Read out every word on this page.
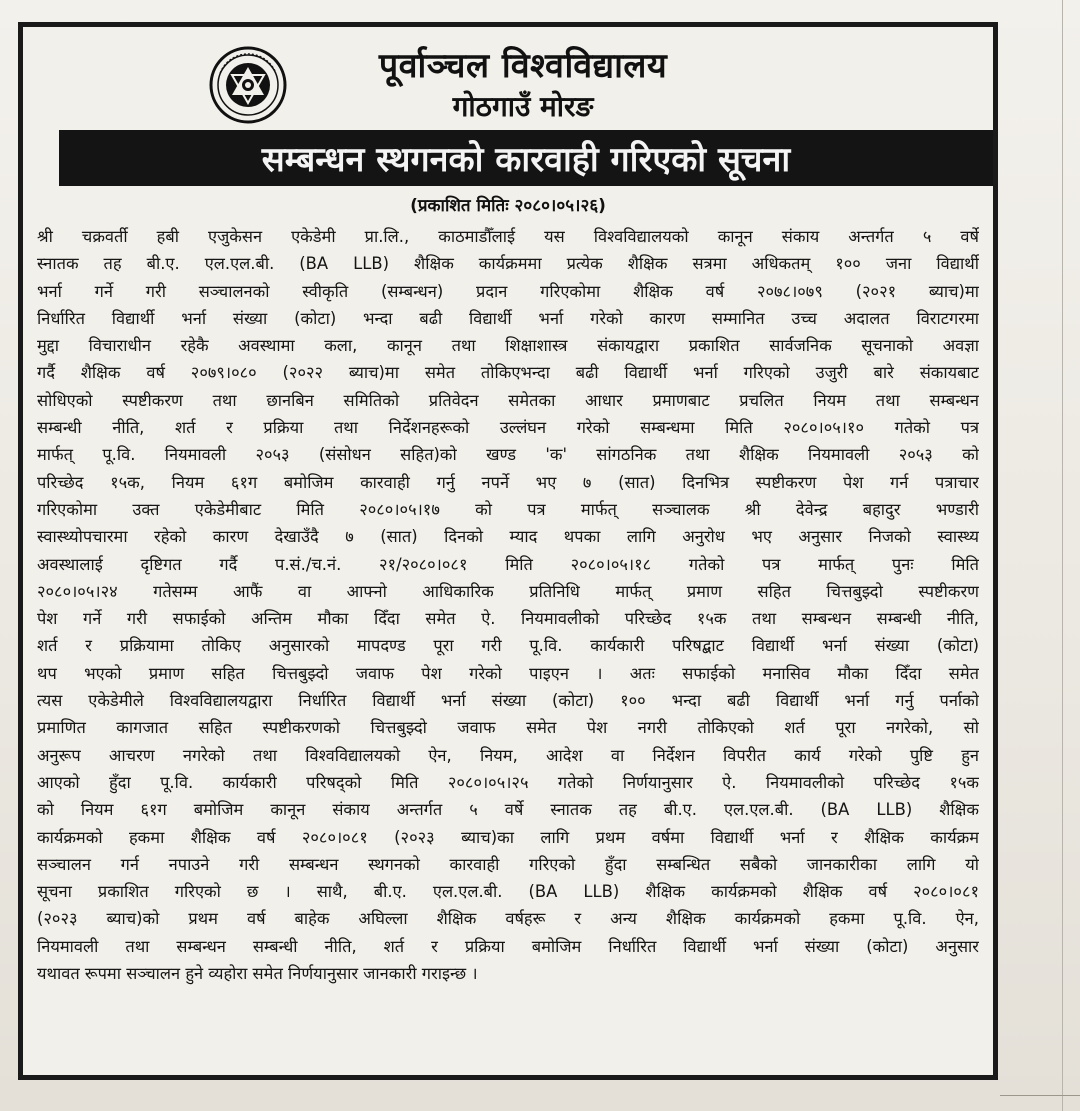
पूर्वाञ्चल विश्वविद्यालय
गोठगाउँ मोरङ
सम्बन्धन स्थगनको कारवाही गरिएको सूचना
(प्रकाशित मितिः २०८०।०५।२६)
श्री चक्रवर्ती हबी एजुकेसन एकेडेमी प्रा.लि., काठमाडौँलाई यस विश्वविद्यालयको कानून संकाय अन्तर्गत ५ वर्षे
स्नातक तह बी.ए. एल.एल.बी. (BA LLB) शैक्षिक कार्यक्रममा प्रत्येक शैक्षिक सत्रमा अधिकतम् १०० जना विद्यार्थी
भर्ना गर्ने गरी सञ्चालनको स्वीकृति (सम्बन्धन) प्रदान गरिएकोमा शैक्षिक वर्ष २०७८।०७९ (२०२१ ब्याच)मा
निर्धारित विद्यार्थी भर्ना संख्या (कोटा) भन्दा बढी विद्यार्थी भर्ना गरेको कारण सम्मानित उच्च अदालत विराटगरमा
मुद्दा विचाराधीन रहेकै अवस्थामा कला, कानून तथा शिक्षाशास्त्र संकायद्वारा प्रकाशित सार्वजनिक सूचनाको अवज्ञा
गर्दै शैक्षिक वर्ष २०७९।०८० (२०२२ ब्याच)मा समेत तोकिएभन्दा बढी विद्यार्थी भर्ना गरिएको उजुरी बारे संकायबाट
सोधिएको स्पष्टीकरण तथा छानबिन समितिको प्रतिवेदन समेतका आधार प्रमाणबाट प्रचलित नियम तथा सम्बन्धन
सम्बन्धी नीति, शर्त र प्रक्रिया तथा निर्देशनहरूको उल्लंघन गरेको सम्बन्धमा मिति २०८०।०५।१० गतेको पत्र
मार्फत् पू.वि. नियमावली २०५३ (संसोधन सहित)को खण्ड 'क' सांगठनिक तथा शैक्षिक नियमावली २०५३ को
परिच्छेद १५क, नियम ६१ग बमोजिम कारवाही गर्नु नपर्ने भए ७ (सात) दिनभित्र स्पष्टीकरण पेश गर्न पत्राचार
गरिएकोमा उक्त एकेडेमीबाट मिति २०८०।०५।१७ को पत्र मार्फत् सञ्चालक श्री देवेन्द्र बहादुर भण्डारी
स्वास्थ्योपचारमा रहेको कारण देखाउँदै ७ (सात) दिनको म्याद थपका लागि अनुरोध भए अनुसार निजको स्वास्थ्य
अवस्थालाई दृष्टिगत गर्दै प.सं./च.नं. २१/२०८०।०८१ मिति २०८०।०५।१८ गतेको पत्र मार्फत् पुनः मिति
२०८०।०५।२४ गतेसम्म आफैं वा आफ्नो आधिकारिक प्रतिनिधि मार्फत् प्रमाण सहित चित्तबुझ्दो स्पष्टीकरण
पेश गर्ने गरी सफाईको अन्तिम मौका दिँदा समेत ऐ. नियमावलीको परिच्छेद १५क तथा सम्बन्धन सम्बन्धी नीति,
शर्त र प्रक्रियामा तोकिए अनुसारको मापदण्ड पूरा गरी पू.वि. कार्यकारी परिषद्बाट विद्यार्थी भर्ना संख्या (कोटा)
थप भएको प्रमाण सहित चित्तबुझ्दो जवाफ पेश गरेको पाइएन । अतः सफाईको मनासिव मौका दिँदा समेत
त्यस एकेडेमीले विश्वविद्यालयद्वारा निर्धारित विद्यार्थी भर्ना संख्या (कोटा) १०० भन्दा बढी विद्यार्थी भर्ना गर्नु पर्नाको
प्रमाणित कागजात सहित स्पष्टीकरणको चित्तबुझ्दो जवाफ समेत पेश नगरी तोकिएको शर्त पूरा नगरेको, सो
अनुरूप आचरण नगरेको तथा विश्वविद्यालयको ऐन, नियम, आदेश वा निर्देशन विपरीत कार्य गरेको पुष्टि हुन
आएको हुँदा पू.वि. कार्यकारी परिषद्को मिति २०८०।०५।२५ गतेको निर्णयानुसार ऐ. नियमावलीको परिच्छेद १५क
को नियम ६१ग बमोजिम कानून संकाय अन्तर्गत ५ वर्षे स्नातक तह बी.ए. एल.एल.बी. (BA LLB) शैक्षिक
कार्यक्रमको हकमा शैक्षिक वर्ष २०८०।०८१ (२०२३ ब्याच)का लागि प्रथम वर्षमा विद्यार्थी भर्ना र शैक्षिक कार्यक्रम
सञ्चालन गर्न नपाउने गरी सम्बन्धन स्थगनको कारवाही गरिएको हुँदा सम्बन्धित सबैको जानकारीका लागि यो
सूचना प्रकाशित गरिएको छ । साथै, बी.ए. एल.एल.बी. (BA LLB) शैक्षिक कार्यक्रमको शैक्षिक वर्ष २०८०।०८१
(२०२३ ब्याच)को प्रथम वर्ष बाहेक अघिल्ला शैक्षिक वर्षहरू र अन्य शैक्षिक कार्यक्रमको हकमा पू.वि. ऐन,
नियमावली तथा सम्बन्धन सम्बन्धी नीति, शर्त र प्रक्रिया बमोजिम निर्धारित विद्यार्थी भर्ना संख्या (कोटा) अनुसार
यथावत रूपमा सञ्चालन हुने व्यहोरा समेत निर्णयानुसार जानकारी गराइन्छ ।
